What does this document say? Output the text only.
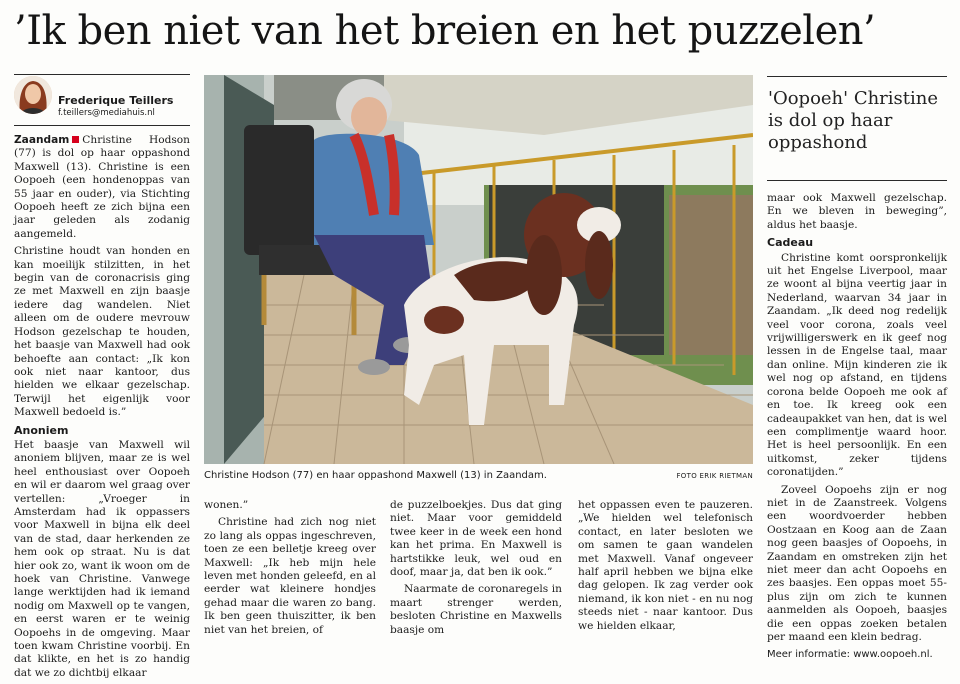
’Ik ben niet van het breien en het puzzelen’
Frederique Teillers
f.teillers@mediahuis.nl

Zaandam Christine Hodson (77) is dol op haar oppashond Maxwell (13). Christine is een Oopoeh (een hondenoppas van 55 jaar en ouder), via Stichting Oopoeh heeft ze zich bijna een jaar geleden als zodanig aangemeld.

Christine houdt van honden en kan moeilijk stilzitten, in het begin van de coronacrisis ging ze met Maxwell en zijn baasje iedere dag wandelen. Niet alleen om de oudere mevrouw Hodson gezelschap te houden, het baasje van Maxwell had ook behoefte aan contact: „Ik kon ook niet naar kantoor, dus hielden we elkaar gezelschap. Terwijl het eigenlijk voor Maxwell bedoeld is.”

Anoniem

Het baasje van Maxwell wil anoniem blijven, maar ze is wel heel enthousiast over Oopoeh en wil er daarom wel graag over vertellen: „Vroeger in Amsterdam had ik oppassers voor Maxwell in bijna elk deel van de stad, daar herkenden ze hem ook op straat. Nu is dat hier ook zo, want ik woon om de hoek van Christine. Vanwege lange werktijden had ik iemand nodig om Maxwell op te vangen, en eerst waren er te weinig Oopoehs in de omgeving. Maar toen kwam Christine voorbij. En dat klikte, en het is zo handig dat we zo dichtbij elkaar

Christine Hodson (77) en haar oppashond Maxwell (13) in Zaandam.	FOTO ERIK RIETMAN

wonen.”

Christine had zich nog niet zo lang als oppas ingeschreven, toen ze een belletje kreeg over Maxwell: „Ik heb mijn hele leven met honden geleefd, en al eerder wat kleinere hondjes gehad maar die waren zo bang. Ik ben geen thuiszitter, ik ben niet van het breien, of

de puzzelboekjes. Dus dat ging niet. Maar voor gemiddeld twee keer in de week een hond kan het prima. En Maxwell is hartstikke leuk, wel oud en doof, maar ja, dat ben ik ook.”

Naarmate de coronaregels in maart strenger werden, besloten Christine en Maxwells baasje om

het oppassen even te pauzeren. „We hielden wel telefonisch contact, en later besloten we om samen te gaan wandelen met Maxwell. Vanaf ongeveer half april hebben we bijna elke dag gelopen. Ik zag verder ook niemand, ik kon niet - en nu nog steeds niet - naar kantoor. Dus we hielden elkaar,

'Oopoeh' Christine
is dol op haar
oppashond

maar ook Maxwell gezelschap. En we bleven in beweging”, aldus het baasje.

Cadeau

Christine komt oorspronkelijk uit het Engelse Liverpool, maar ze woont al bijna veertig jaar in Nederland, waarvan 34 jaar in Zaandam. „Ik deed nog redelijk veel voor corona, zoals veel vrijwilligerswerk en ik geef nog lessen in de Engelse taal, maar dan online. Mijn kinderen zie ik wel nog op afstand, en tijdens corona belde Oopoeh me ook af en toe. Ik kreeg ook een cadeaupakket van hen, dat is wel een complimentje waard hoor. Het is heel persoonlijk. En een uitkomst, zeker tijdens coronatijden.”

Zoveel Oopoehs zijn er nog niet in de Zaanstreek. Volgens een woordvoerder hebben Oostzaan en Koog aan de Zaan nog geen baasjes of Oopoehs, in Zaandam en omstreken zijn het niet meer dan acht Oopoehs en zes baasjes. Een oppas moet 55-plus zijn om zich te kunnen aanmelden als Oopoeh, baasjes die een oppas zoeken betalen per maand een klein bedrag.

Meer informatie: www.oopoeh.nl.
